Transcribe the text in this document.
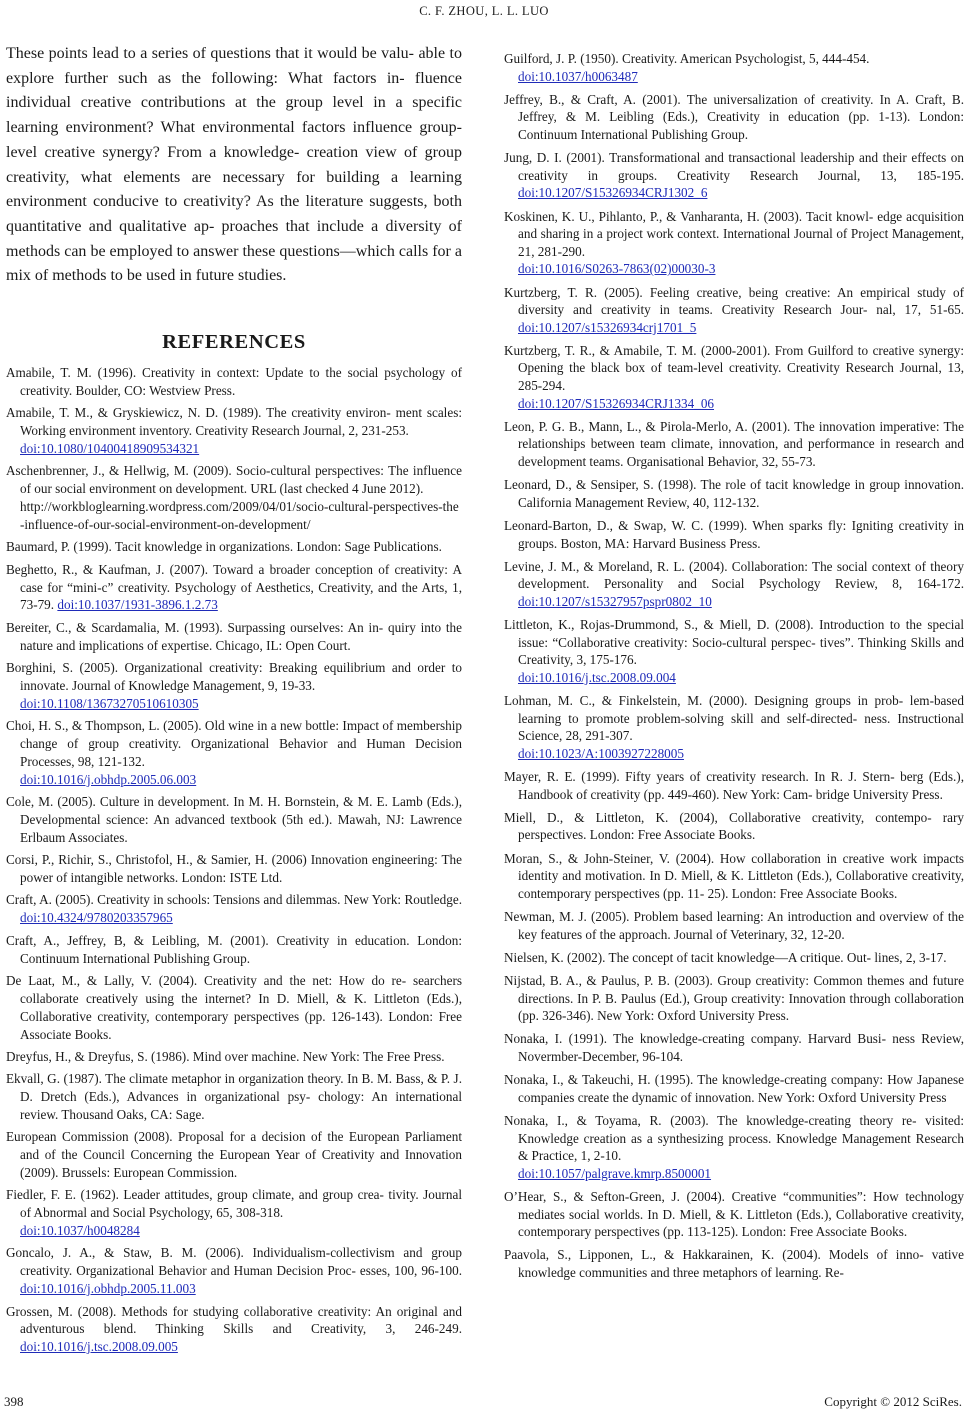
C. F. ZHOU, L. L. LUO

These points lead to a series of questions that it would be valu- able to explore further such as the following: What factors in- fluence individual creative contributions at the group level in a specific learning environment? What environmental factors influence group-level creative synergy? From a knowledge- creation view of group creativity, what elements are necessary for building a learning environment conducive to creativity? As the literature suggests, both quantitative and qualitative ap- proaches that include a diversity of methods can be employed to answer these questions—which calls for a mix of methods to be used in future studies.

REFERENCES
Amabile, T. M. (1996). Creativity in context: Update to the social psychology of creativity. Boulder, CO: Westview Press.
Amabile, T. M., & Gryskiewicz, N. D. (1989). The creativity environ- ment scales: Working environment inventory. Creativity Research Journal, 2, 231-253.
doi:10.1080/10400418909534321
Aschenbrenner, J., & Hellwig, M. (2009). Socio-cultural perspectives: The influence of our social environment on development. URL (last checked 4 June 2012).
http://workbloglearning.wordpress.com/2009/04/01/socio-cultural-perspectives-the-influence-of-our-social-environment-on-development/
Baumard, P. (1999). Tacit knowledge in organizations. London: Sage Publications.
Beghetto, R., & Kaufman, J. (2007). Toward a broader conception of creativity: A case for “mini-c” creativity. Psychology of Aesthetics, Creativity, and the Arts, 1, 73-79. doi:10.1037/1931-3896.1.2.73
Bereiter, C., & Scardamalia, M. (1993). Surpassing ourselves: An in- quiry into the nature and implications of expertise. Chicago, IL: Open Court.
Borghini, S. (2005). Organizational creativity: Breaking equilibrium and order to innovate. Journal of Knowledge Management, 9, 19-33.
doi:10.1108/13673270510610305
Choi, H. S., & Thompson, L. (2005). Old wine in a new bottle: Impact of membership change of group creativity. Organizational Behavior and Human Decision Processes, 98, 121-132.
doi:10.1016/j.obhdp.2005.06.003
Cole, M. (2005). Culture in development. In M. H. Bornstein, & M. E. Lamb (Eds.), Developmental science: An advanced textbook (5th ed.). Mawah, NJ: Lawrence Erlbaum Associates.
Corsi, P., Richir, S., Christofol, H., & Samier, H. (2006) Innovation engineering: The power of intangible networks. London: ISTE Ltd.
Craft, A. (2005). Creativity in schools: Tensions and dilemmas. New York: Routledge. doi:10.4324/9780203357965
Craft, A., Jeffrey, B, & Leibling, M. (2001). Creativity in education. London: Continuum International Publishing Group.
De Laat, M., & Lally, V. (2004). Creativity and the net: How do re- searchers collaborate creatively using the internet? In D. Miell, & K. Littleton (Eds.), Collaborative creativity, contemporary perspectives (pp. 126-143). London: Free Associate Books.
Dreyfus, H., & Dreyfus, S. (1986). Mind over machine. New York: The Free Press.
Ekvall, G. (1987). The climate metaphor in organization theory. In B. M. Bass, & P. J. D. Dretch (Eds.), Advances in organizational psy- chology: An international review. Thousand Oaks, CA: Sage.
European Commission (2008). Proposal for a decision of the European Parliament and of the Council Concerning the European Year of Creativity and Innovation (2009). Brussels: European Commission.
Fiedler, F. E. (1962). Leader attitudes, group climate, and group crea- tivity. Journal of Abnormal and Social Psychology, 65, 308-318.
doi:10.1037/h0048284
Goncalo, J. A., & Staw, B. M. (2006). Individualism-collectivism and group creativity. Organizational Behavior and Human Decision Proc- esses, 100, 96-100. doi:10.1016/j.obhdp.2005.11.003
Grossen, M. (2008). Methods for studying collaborative creativity: An original and adventurous blend. Thinking Skills and Creativity, 3, 246-249. doi:10.1016/j.tsc.2008.09.005
Guilford, J. P. (1950). Creativity. American Psychologist, 5, 444-454.
doi:10.1037/h0063487
Jeffrey, B., & Craft, A. (2001). The universalization of creativity. In A. Craft, B. Jeffrey, & M. Leibling (Eds.), Creativity in education (pp. 1-13). London: Continuum International Publishing Group.
Jung, D. I. (2001). Transformational and transactional leadership and their effects on creativity in groups. Creativity Research Journal, 13, 185-195. doi:10.1207/S15326934CRJ1302_6
Koskinen, K. U., Pihlanto, P., & Vanharanta, H. (2003). Tacit knowl- edge acquisition and sharing in a project work context. International Journal of Project Management, 21, 281-290.
doi:10.1016/S0263-7863(02)00030-3
Kurtzberg, T. R. (2005). Feeling creative, being creative: An empirical study of diversity and creativity in teams. Creativity Research Jour- nal, 17, 51-65. doi:10.1207/s15326934crj1701_5
Kurtzberg, T. R., & Amabile, T. M. (2000-2001). From Guilford to creative synergy: Opening the black box of team-level creativity. Creativity Research Journal, 13, 285-294.
doi:10.1207/S15326934CRJ1334_06
Leon, P. G. B., Mann, L., & Pirola-Merlo, A. (2001). The innovation imperative: The relationships between team climate, innovation, and performance in research and development teams. Organisational Behavior, 32, 55-73.
Leonard, D., & Sensiper, S. (1998). The role of tacit knowledge in group innovation. California Management Review, 40, 112-132.
Leonard-Barton, D., & Swap, W. C. (1999). When sparks fly: Igniting creativity in groups. Boston, MA: Harvard Business Press.
Levine, J. M., & Moreland, R. L. (2004). Collaboration: The social context of theory development. Personality and Social Psychology Review, 8, 164-172. doi:10.1207/s15327957pspr0802_10
Littleton, K., Rojas-Drummond, S., & Miell, D. (2008). Introduction to the special issue: “Collaborative creativity: Socio-cultural perspec- tives”. Thinking Skills and Creativity, 3, 175-176.
doi:10.1016/j.tsc.2008.09.004
Lohman, M. C., & Finkelstein, M. (2000). Designing groups in prob- lem-based learning to promote problem-solving skill and self-directed- ness. Instructional Science, 28, 291-307.
doi:10.1023/A:1003927228005
Mayer, R. E. (1999). Fifty years of creativity research. In R. J. Stern- berg (Eds.), Handbook of creativity (pp. 449-460). New York: Cam- bridge University Press.
Miell, D., & Littleton, K. (2004), Collaborative creativity, contempo- rary perspectives. London: Free Associate Books.
Moran, S., & John-Steiner, V. (2004). How collaboration in creative work impacts identity and motivation. In D. Miell, & K. Littleton (Eds.), Collaborative creativity, contemporary perspectives (pp. 11- 25). London: Free Associate Books.
Newman, M. J. (2005). Problem based learning: An introduction and overview of the key features of the approach. Journal of Veterinary, 32, 12-20.
Nielsen, K. (2002). The concept of tacit knowledge—A critique. Out- lines, 2, 3-17.
Nijstad, B. A., & Paulus, P. B. (2003). Group creativity: Common themes and future directions. In P. B. Paulus (Ed.), Group creativity: Innovation through collaboration (pp. 326-346). New York: Oxford University Press.
Nonaka, I. (1991). The knowledge-creating company. Harvard Busi- ness Review, Novermber-December, 96-104.
Nonaka, I., & Takeuchi, H. (1995). The knowledge-creating company: How Japanese companies create the dynamic of innovation. New York: Oxford University Press
Nonaka, I., & Toyama, R. (2003). The knowledge-creating theory re- visited: Knowledge creation as a synthesizing process. Knowledge Management Research & Practice, 1, 2-10.
doi:10.1057/palgrave.kmrp.8500001
O’Hear, S., & Sefton-Green, J. (2004). Creative “communities”: How technology mediates social worlds. In D. Miell, & K. Littleton (Eds.), Collaborative creativity, contemporary perspectives (pp. 113-125). London: Free Associate Books.
Paavola, S., Lipponen, L., & Hakkarainen, K. (2004). Models of inno- vative knowledge communities and three metaphors of learning. Re-
398	Copyright © 2012 SciRes.
